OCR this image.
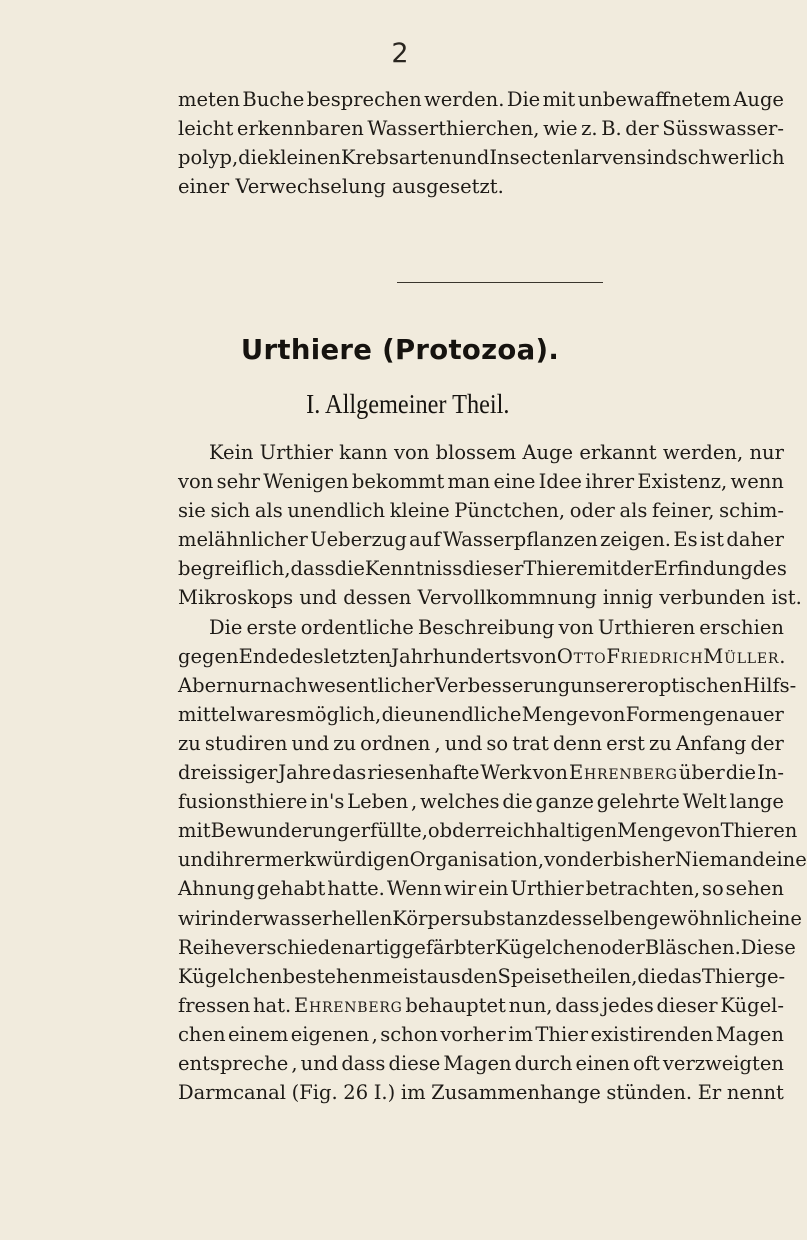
2
meten Buche besprechen werden. Die mit unbewaffnetem Auge
leicht erkennbaren Wasserthierchen, wie z. B. der Süsswasser-
polyp, die kleinen Krebsarten und Insectenlarven sind schwerlich
einer Verwechselung ausgesetzt.
Urthiere (Protozoa).
I. Allgemeiner Theil.
Kein Urthier kann von blossem Auge erkannt werden, nur
von sehr Wenigen bekommt man eine Idee ihrer Existenz, wenn
sie sich als unendlich kleine Pünctchen, oder als feiner, schim-
melähnlicher Ueberzug auf Wasserpflanzen zeigen. Es ist daher
begreiflich , dass die Kenntniss dieser Thiere mit der Erfindung des
Mikroskops und dessen Vervollkommnung innig verbunden ist.
Die erste ordentliche Beschreibung von Urthieren erschien
gegen Ende des letzten Jahrhunderts von Otto Friedrich Müller.
Aber nur nach wesentlicher Verbesserung unserer optischen Hilfs-
mittel war es möglich, die unendliche Menge von Formen genauer
zu studiren und zu ordnen , und so trat denn erst zu Anfang der
dreissiger Jahre das riesenhafte Werk von Ehrenberg über die In-
fusionsthiere in's Leben , welches die ganze gelehrte Welt lange
mit Bewunderung erfüllte, ob der reichhaltigen Menge von Thieren
und ihrer merkwürdigen Organisation, von der bisher Niemand eine
Ahnung gehabt hatte. Wenn wir ein Urthier betrachten, so sehen
wir in der wasserhellen Körpersubstanz desselben gewöhnlich eine
Reihe verschiedenartig gefärbter Kügelchen oder Bläschen. Diese
Kügelchen bestehen meist aus den Speisetheilen, die das Thier ge-
fressen hat. Ehrenberg behauptet nun, dass jedes dieser Kügel-
chen einem eigenen , schon vorher im Thier existirenden Magen
entspreche , und dass diese Magen durch einen oft verzweigten
Darmcanal (Fig. 26 I.) im Zusammenhange stünden. Er nennt
